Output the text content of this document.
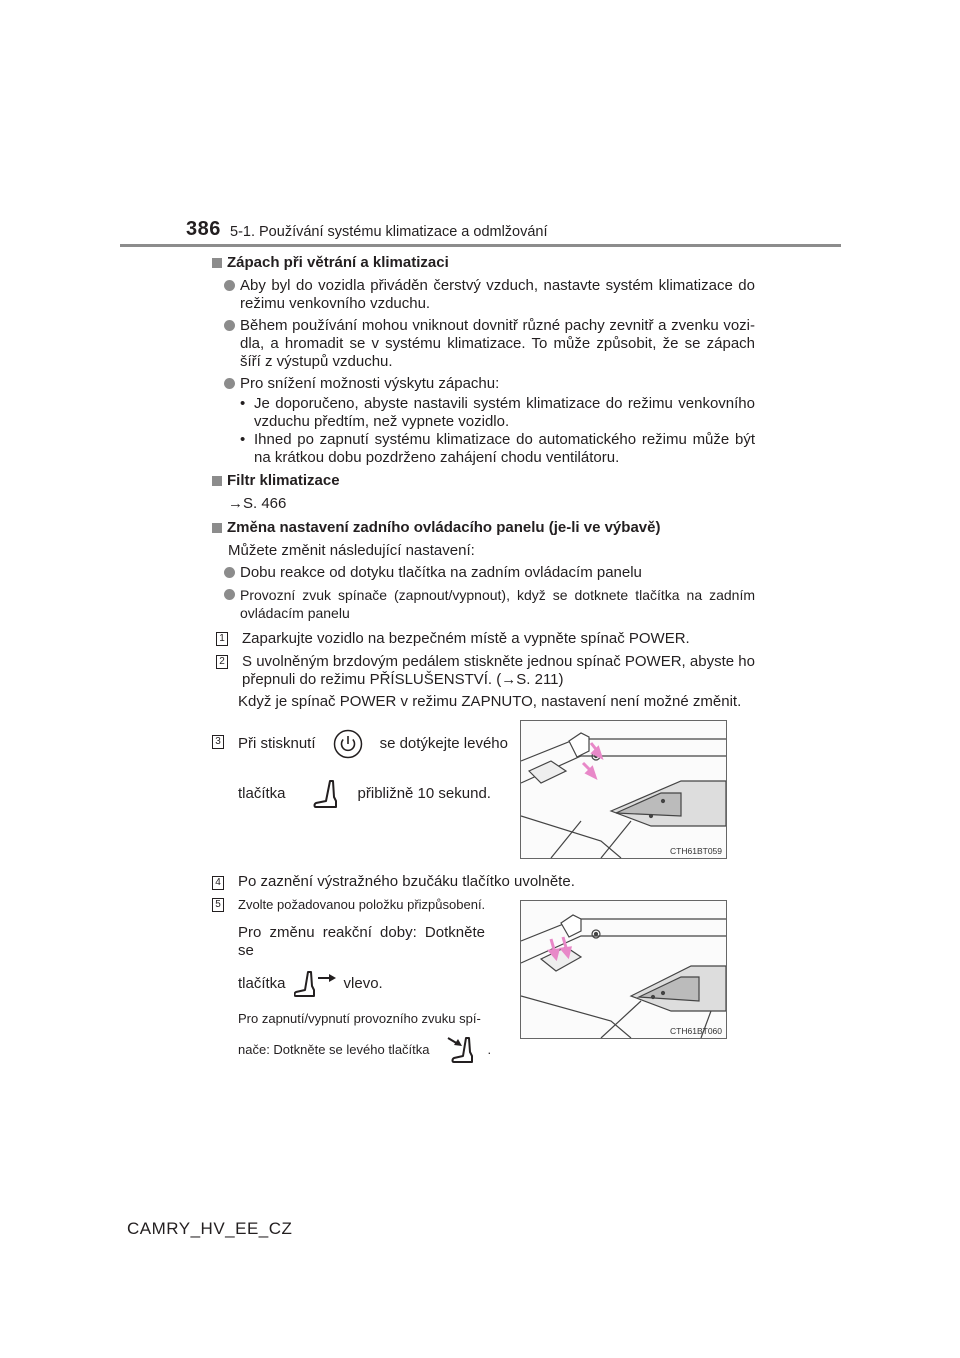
386 5-1. Používání systému klimatizace a odmlžování
Zápach při větrání a klimatizaci
Aby byl do vozidla přiváděn čerstvý vzduch, nastavte systém klimatizace do režimu venkovního vzduchu.
Během používání mohou vniknout dovnitř různé pachy zevnitř a zvenku vozi- dla, a hromadit se v systému klimatizace. To může způsobit, že se zápach šíří z výstupů vzduchu.
Pro snížení možnosti výskytu zápachu:
• Je doporučeno, abyste nastavili systém klimatizace do režimu venkovního vzduchu předtím, než vypnete vozidlo.
• Ihned po zapnutí systému klimatizace do automatického režimu může být na krátkou dobu pozdrženo zahájení chodu ventilátoru.
Filtr klimatizace
→S. 466
Změna nastavení zadního ovládacího panelu (je-li ve výbavě)
Můžete změnit následující nastavení:
Dobu reakce od dotyku tlačítka na zadním ovládacím panelu
Provozní zvuk spínače (zapnout/vypnout), když se dotknete tlačítka na zadním ovládacím panelu
1 Zaparkujte vozidlo na bezpečném místě a vypněte spínač POWER.
2 S uvolněným brzdovým pedálem stiskněte jednou spínač POWER, abyste ho přepnuli do režimu PŘÍSLUŠENSTVÍ. (→S. 211)
Když je spínač POWER v režimu ZAPNUTO, nastavení není možné změnit.
3 Při stisknutí	se dotýkejte levého
tlačítka	přibližně 10 sekund.
CTH61BT059
4 Po zaznění výstražného bzučáku tlačítko uvolněte.
5 Zvolte požadovanou položku přizpůsobení.
Pro změnu reakční doby: Dotkněte se
tlačítka	vlevo.
Pro zapnutí/vypnutí provozního zvuku spí-
nače: Dotkněte se levého tlačítka	.
CTH61BT060
CAMRY_HV_EE_CZ
